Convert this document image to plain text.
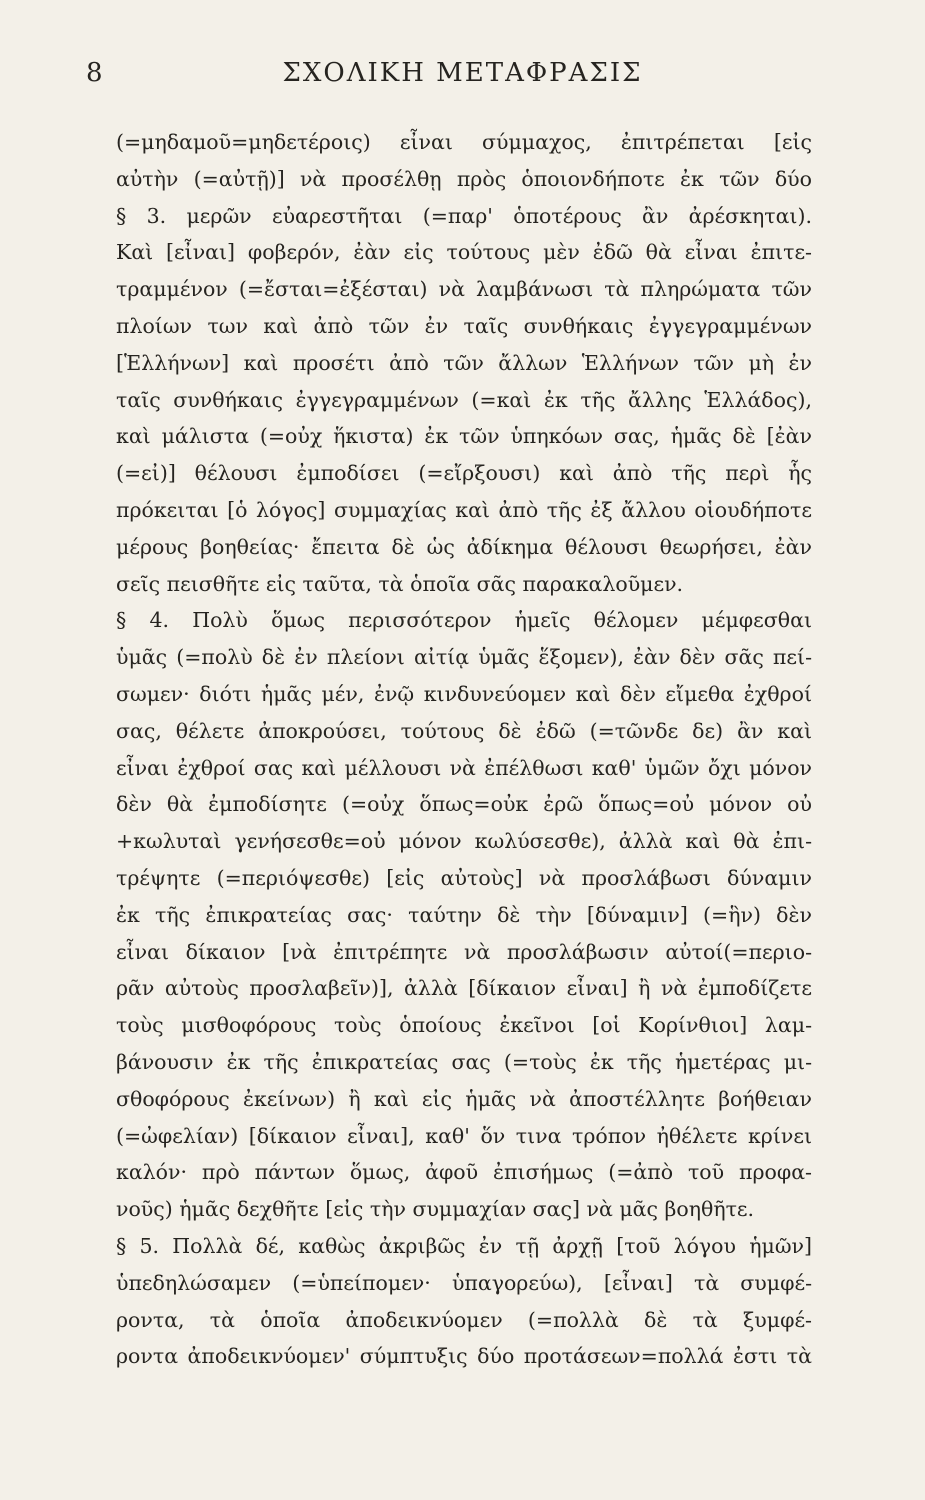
8	ΣΧΟΛΙΚΗ ΜΕΤΑΦΡΑΣΙΣ
(=μηδαμοῦ=μηδετέροις) εἶναι σύμμαχος, ἐπιτρέπεται [εἰς
αὐτὴν (=αὐτῇ)] νὰ προσέλθῃ πρὸς ὁποιονδήποτε ἐκ τῶν δύο
§ 3. μερῶν εὐαρεστῆται (=παρ' ὁποτέρους ἂν ἀρέσκηται).
Καὶ [εἶναι] φοβερόν, ἐὰν εἰς τούτους μὲν ἐδῶ θὰ εἶναι ἐπιτε-
τραμμένον (=ἔσται=ἐξέσται) νὰ λαμβάνωσι τὰ πληρώματα τῶν
πλοίων των καὶ ἀπὸ τῶν ἐν ταῖς συνθήκαις ἐγγεγραμμένων
[Ἑλλήνων] καὶ προσέτι ἀπὸ τῶν ἄλλων Ἑλλήνων τῶν μὴ ἐν
ταῖς συνθήκαις ἐγγεγραμμένων (=καὶ ἐκ τῆς ἄλλης Ἑλλάδος),
καὶ μάλιστα (=οὐχ ἥκιστα) ἐκ τῶν ὑπηκόων σας, ἡμᾶς δὲ [ἐὰν
(=εἰ)] θέλουσι ἐμποδίσει (=εἴρξουσι) καὶ ἀπὸ τῆς περὶ ἧς
πρόκειται [ὁ λόγος] συμμαχίας καὶ ἀπὸ τῆς ἐξ ἄλλου οἱουδήποτε
μέρους βοηθείας· ἔπειτα δὲ ὡς ἀδίκημα θέλουσι θεωρήσει, ἐὰν
σεῖς πεισθῆτε εἰς ταῦτα, τὰ ὁποῖα σᾶς παρακαλοῦμεν.
§ 4. Πολὺ ὅμως περισσότερον ἡμεῖς θέλομεν μέμφεσθαι
ὑμᾶς (=πολὺ δὲ ἐν πλείονι αἰτίᾳ ὑμᾶς ἕξομεν), ἐὰν δὲν σᾶς πεί-
σωμεν· διότι ἡμᾶς μέν, ἐνῷ κινδυνεύομεν καὶ δὲν εἴμεθα ἐχθροί
σας, θέλετε ἀποκρούσει, τούτους δὲ ἐδῶ (=τῶνδε δε) ἂν καὶ
εἶναι ἐχθροί σας καὶ μέλλουσι νὰ ἐπέλθωσι καθ' ὑμῶν ὄχι μόνον
δὲν θὰ ἐμποδίσητε (=οὐχ ὅπως=οὐκ ἐρῶ ὅπως=οὐ μόνον οὐ
+κωλυταὶ γενήσεσθε=οὐ μόνον κωλύσεσθε), ἀλλὰ καὶ θὰ ἐπι-
τρέψητε (=περιόψεσθε) [εἰς αὐτοὺς] νὰ προσλάβωσι δύναμιν
ἐκ τῆς ἐπικρατείας σας· ταύτην δὲ τὴν [δύναμιν] (=ἣν) δὲν
εἶναι δίκαιον [νὰ ἐπιτρέπητε νὰ προσλάβωσιν αὐτοί(=περιο-
ρᾶν αὐτοὺς προσλαβεῖν)], ἀλλὰ [δίκαιον εἶναι] ἢ νὰ ἐμποδίζετε
τοὺς μισθοφόρους τοὺς ὁποίους ἐκεῖνοι [οἱ Κορίνθιοι] λαμ-
βάνουσιν ἐκ τῆς ἐπικρατείας σας (=τοὺς ἐκ τῆς ἡμετέρας μι-
σθοφόρους ἐκείνων) ἢ καὶ εἰς ἡμᾶς νὰ ἀποστέλλητε βοήθειαν
(=ὠφελίαν) [δίκαιον εἶναι], καθ' ὅν τινα τρόπον ἠθέλετε κρίνει
καλόν· πρὸ πάντων ὅμως, ἀφοῦ ἐπισήμως (=ἀπὸ τοῦ προφα-
νοῦς) ἡμᾶς δεχθῆτε [εἰς τὴν συμμαχίαν σας] νὰ μᾶς βοηθῆτε.
§ 5. Πολλὰ δέ, καθὼς ἀκριβῶς ἐν τῇ ἀρχῇ [τοῦ λόγου ἡμῶν]
ὑπεδηλώσαμεν (=ὑπείπομεν· ὑπαγορεύω), [εἶναι] τὰ συμφέ-
ροντα, τὰ ὁποῖα ἀποδεικνύομεν (=πολλὰ δὲ τὰ ξυμφέ-
ροντα ἀποδεικνύομεν' σύμπτυξις δύο προτάσεων=πολλά ἐστι τὰ
